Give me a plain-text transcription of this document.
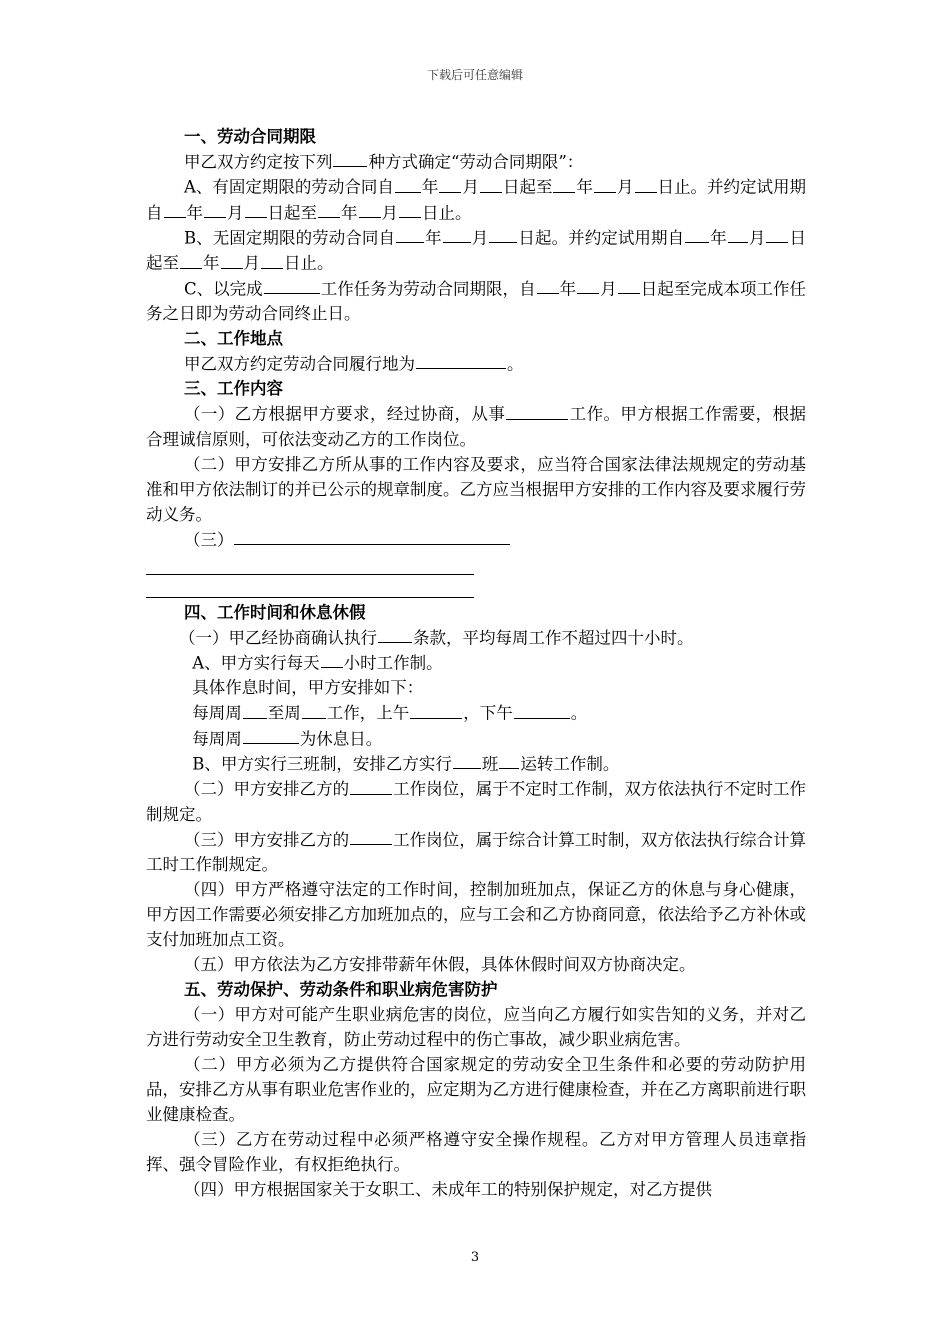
下载后可任意编辑

一、劳动合同期限

甲乙双方约定按下列 种方式确定“劳动合同期限”：

A、有固定期限的劳动合同自 年 月 日起至 年 月 日止。并约定试用期自 年 月 日起至 年 月 日止。

B、无固定期限的劳动合同自 年 月 日起。并约定试用期自 年 月 日起至 年 月 日止。

C、以完成	工作任务为劳动合同期限，自 年 月 日起至完成本项工作任务之日即为劳动合同终止日。

二、工作地点

甲乙双方约定劳动合同履行地为	。

三、工作内容

（一）乙方根据甲方要求，经过协商，从事	工作。甲方根据工作需要，根据合理诚信原则，可依法变动乙方的工作岗位。

（二）甲方安排乙方所从事的工作内容及要求，应当符合国家法律法规规定的劳动基准和甲方依法制订的并已公示的规章制度。乙方应当根据甲方安排的工作内容及要求履行劳动义务。

（三）

四、工作时间和休息休假

（一）甲乙经协商确认执行 条款，平均每周工作不超过四十小时。

A、甲方实行每天 小时工作制。

具体作息时间，甲方安排如下：

每周周 至周 工作，上午	，下午	。

每周周	为休息日。

B、甲方实行三班制，安排乙方实行 班 运转工作制。

（二）甲方安排乙方的	工作岗位，属于不定时工作制，双方依法执行不定时工作制规定。

（三）甲方安排乙方的	工作岗位，属于综合计算工时制，双方依法执行综合计算工时工作制规定。

（四）甲方严格遵守法定的工作时间，控制加班加点，保证乙方的休息与身心健康，甲方因工作需要必须安排乙方加班加点的，应与工会和乙方协商同意，依法给予乙方补休或支付加班加点工资。

（五）甲方依法为乙方安排带薪年休假，具体休假时间双方协商决定。

五、劳动保护、劳动条件和职业病危害防护

（一）甲方对可能产生职业病危害的岗位，应当向乙方履行如实告知的义务，并对乙方进行劳动安全卫生教育，防止劳动过程中的伤亡事故，减少职业病危害。

（二）甲方必须为乙方提供符合国家规定的劳动安全卫生条件和必要的劳动防护用品，安排乙方从事有职业危害作业的，应定期为乙方进行健康检查，并在乙方离职前进行职业健康检查。

（三）乙方在劳动过程中必须严格遵守安全操作规程。乙方对甲方管理人员违章指挥、强令冒险作业，有权拒绝执行。

（四）甲方根据国家关于女职工、未成年工的特别保护规定，对乙方提供

3
